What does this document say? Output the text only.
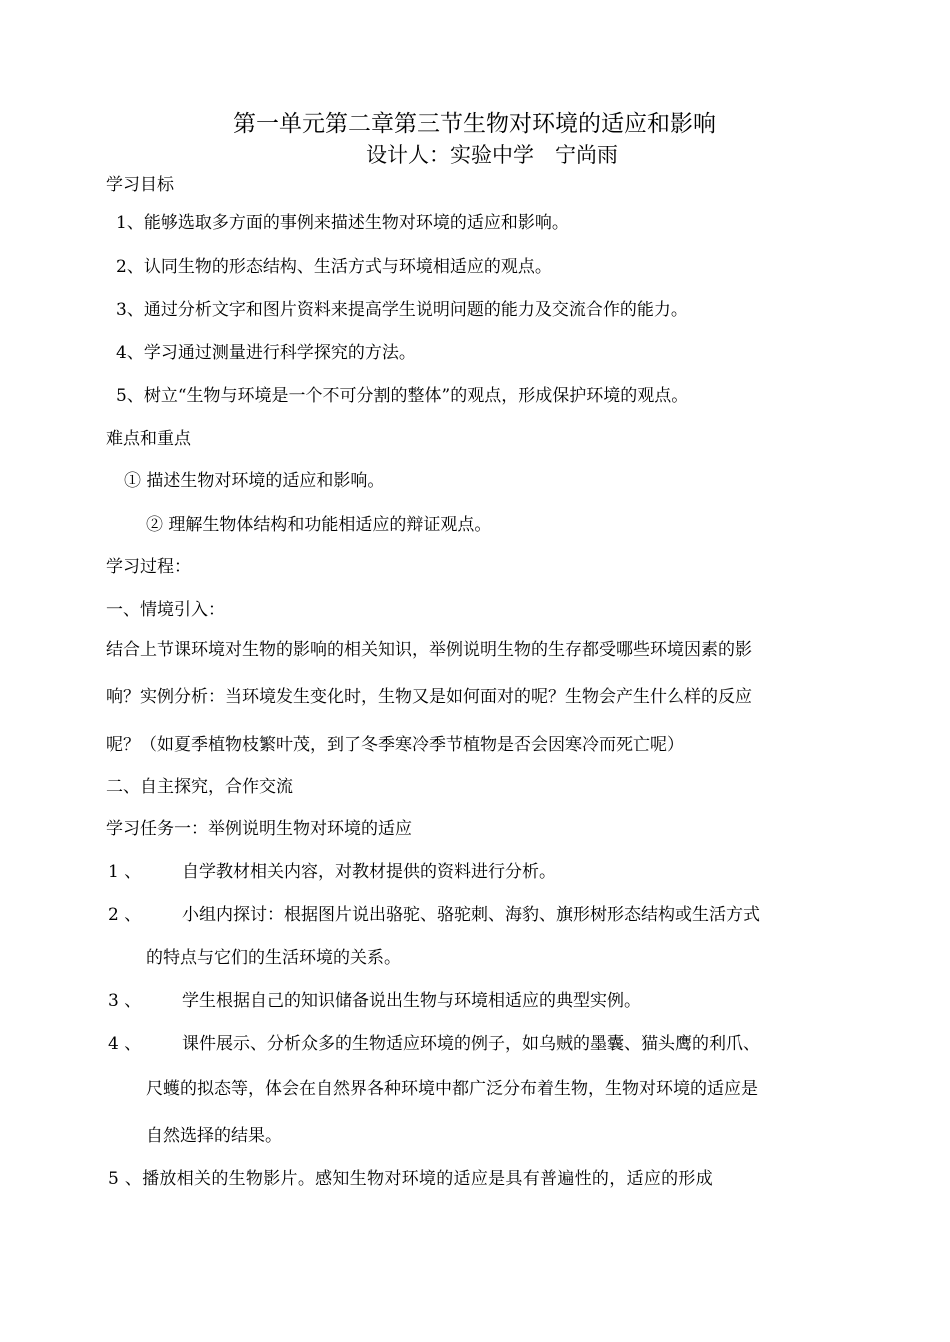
第一单元第二章第三节生物对环境的适应和影响
设计人：实验中学　宁尚雨
学习目标
1、能够选取多方面的事例来描述生物对环境的适应和影响。
2、认同生物的形态结构、生活方式与环境相适应的观点。
3、通过分析文字和图片资料来提高学生说明问题的能力及交流合作的能力。
4、学习通过测量进行科学探究的方法。
5、树立“生物与环境是一个不可分割的整体”的观点，形成保护环境的观点。
难点和重点
① 描述生物对环境的适应和影响。
② 理解生物体结构和功能相适应的辩证观点。
学习过程：
一、情境引入：
结合上节课环境对生物的影响的相关知识，举例说明生物的生存都受哪些环境因素的影
响？实例分析：当环境发生变化时，生物又是如何面对的呢？生物会产生什么样的反应
呢？（如夏季植物枝繁叶茂，到了冬季寒冷季节植物是否会因寒冷而死亡呢）
二、自主探究，合作交流
学习任务一：举例说明生物对环境的适应
1 、 自学教材相关内容，对教材提供的资料进行分析。
2 、 小组内探讨：根据图片说出骆驼、骆驼刺、海豹、旗形树形态结构或生活方式
的特点与它们的生活环境的关系。
3 、 学生根据自己的知识储备说出生物与环境相适应的典型实例。
4 、 课件展示、分析众多的生物适应环境的例子，如乌贼的墨囊、猫头鹰的利爪、
尺蠖的拟态等，体会在自然界各种环境中都广泛分布着生物，生物对环境的适应是
自然选择的结果。
5 、播放相关的生物影片。感知生物对环境的适应是具有普遍性的，适应的形成
